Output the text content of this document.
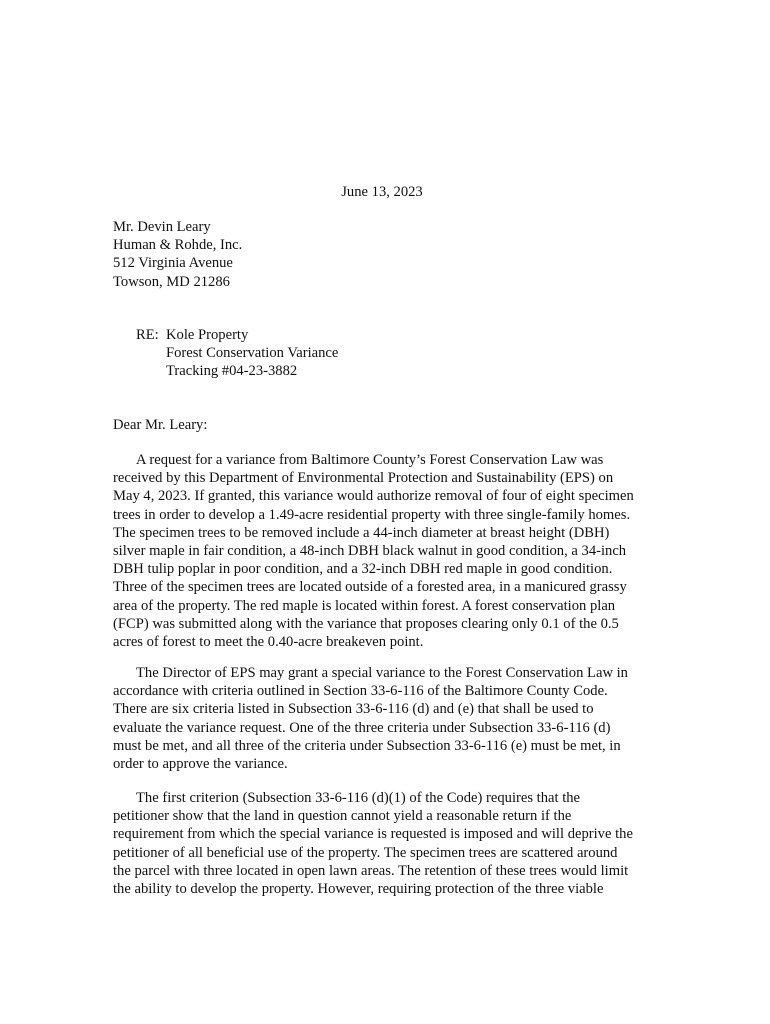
June 13, 2023
Mr. Devin Leary
Human & Rohde, Inc.
512 Virginia Avenue
Towson, MD 21286
RE: Kole Property
Forest Conservation Variance
Tracking #04-23-3882
Dear Mr. Leary:
A request for a variance from Baltimore County’s Forest Conservation Law was
received by this Department of Environmental Protection and Sustainability (EPS) on
May 4, 2023. If granted, this variance would authorize removal of four of eight specimen
trees in order to develop a 1.49-acre residential property with three single-family homes.
The specimen trees to be removed include a 44-inch diameter at breast height (DBH)
silver maple in fair condition, a 48-inch DBH black walnut in good condition, a 34-inch
DBH tulip poplar in poor condition, and a 32-inch DBH red maple in good condition.
Three of the specimen trees are located outside of a forested area, in a manicured grassy
area of the property. The red maple is located within forest. A forest conservation plan
(FCP) was submitted along with the variance that proposes clearing only 0.1 of the 0.5
acres of forest to meet the 0.40-acre breakeven point.
The Director of EPS may grant a special variance to the Forest Conservation Law in
accordance with criteria outlined in Section 33-6-116 of the Baltimore County Code.
There are six criteria listed in Subsection 33-6-116 (d) and (e) that shall be used to
evaluate the variance request. One of the three criteria under Subsection 33-6-116 (d)
must be met, and all three of the criteria under Subsection 33-6-116 (e) must be met, in
order to approve the variance.
The first criterion (Subsection 33-6-116 (d)(1) of the Code) requires that the
petitioner show that the land in question cannot yield a reasonable return if the
requirement from which the special variance is requested is imposed and will deprive the
petitioner of all beneficial use of the property. The specimen trees are scattered around
the parcel with three located in open lawn areas. The retention of these trees would limit
the ability to develop the property. However, requiring protection of the three viable
